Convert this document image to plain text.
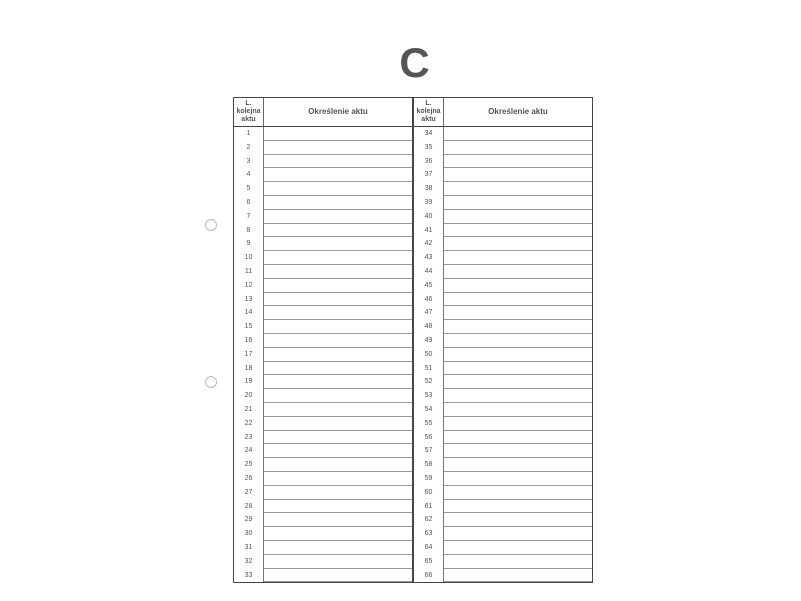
C
L.
kolejna
aktu
Określenie aktu
1
2
3
4
5
6
7
8
9
10
11
12
13
14
15
16
17
18
19
20
21
22
23
24
25
26
27
28
29
30
31
32
33
L.
kolejna
aktu
Określenie aktu
34
35
36
37
38
39
40
41
42
43
44
45
46
47
48
49
50
51
52
53
54
55
56
57
58
59
60
61
62
63
64
65
66
